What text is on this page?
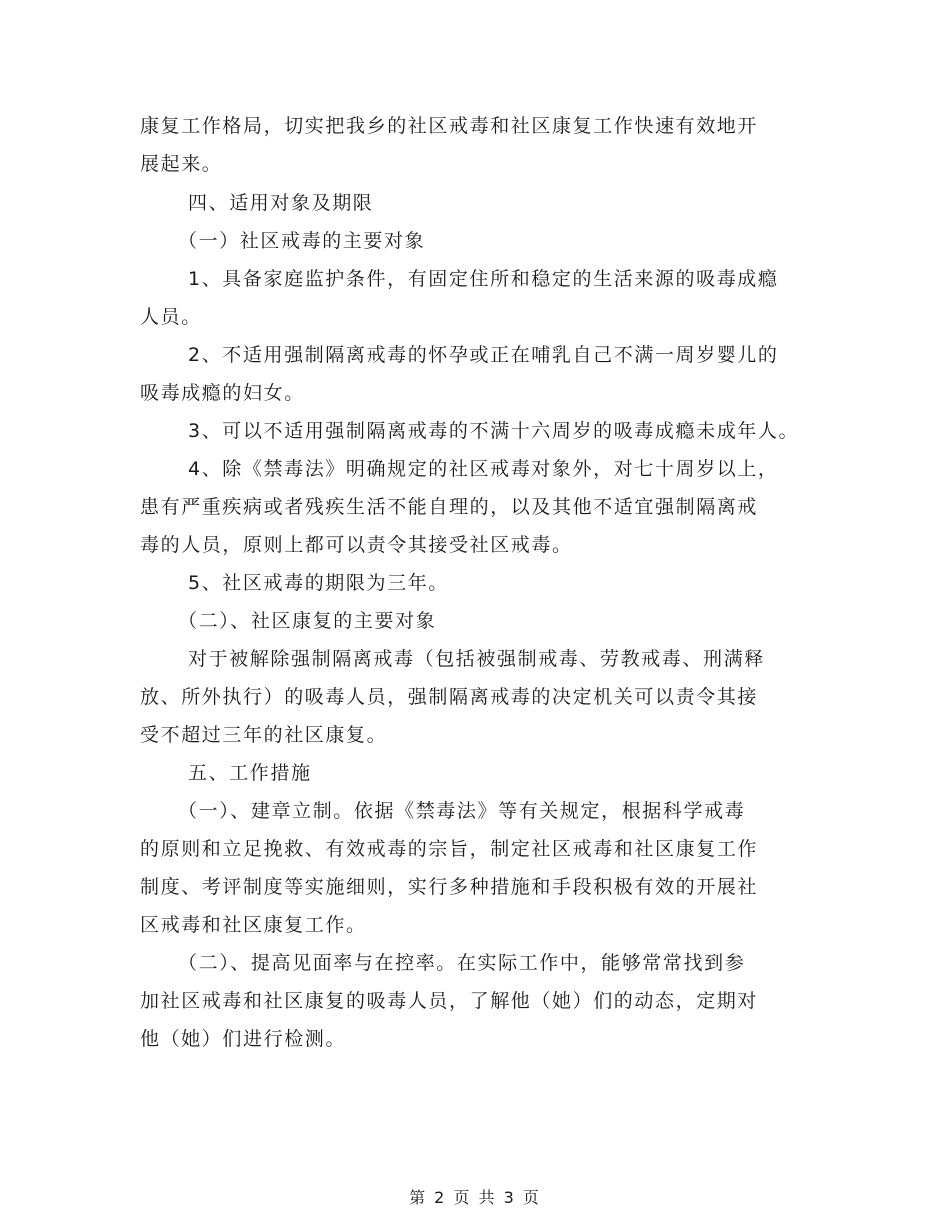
康复工作格局，切实把我乡的社区戒毒和社区康复工作快速有效地开
展起来。
四、适用对象及期限
（一）社区戒毒的主要对象
1、具备家庭监护条件，有固定住所和稳定的生活来源的吸毒成瘾
人员。
2、不适用强制隔离戒毒的怀孕或正在哺乳自己不满一周岁婴儿的
吸毒成瘾的妇女。
3、可以不适用强制隔离戒毒的不满十六周岁的吸毒成瘾未成年人。
4、除《禁毒法》明确规定的社区戒毒对象外，对七十周岁以上，
患有严重疾病或者残疾生活不能自理的，以及其他不适宜强制隔离戒
毒的人员，原则上都可以责令其接受社区戒毒。
5、社区戒毒的期限为三年。
（二）、社区康复的主要对象
对于被解除强制隔离戒毒（包括被强制戒毒、劳教戒毒、刑满释
放、所外执行）的吸毒人员，强制隔离戒毒的决定机关可以责令其接
受不超过三年的社区康复。
五、工作措施
（一）、建章立制。依据《禁毒法》等有关规定，根据科学戒毒
的原则和立足挽救、有效戒毒的宗旨，制定社区戒毒和社区康复工作
制度、考评制度等实施细则，实行多种措施和手段积极有效的开展社
区戒毒和社区康复工作。
（二）、提高见面率与在控率。在实际工作中，能够常常找到参
加社区戒毒和社区康复的吸毒人员，了解他（她）们的动态，定期对
他（她）们进行检测。
第 2 页 共 3 页
